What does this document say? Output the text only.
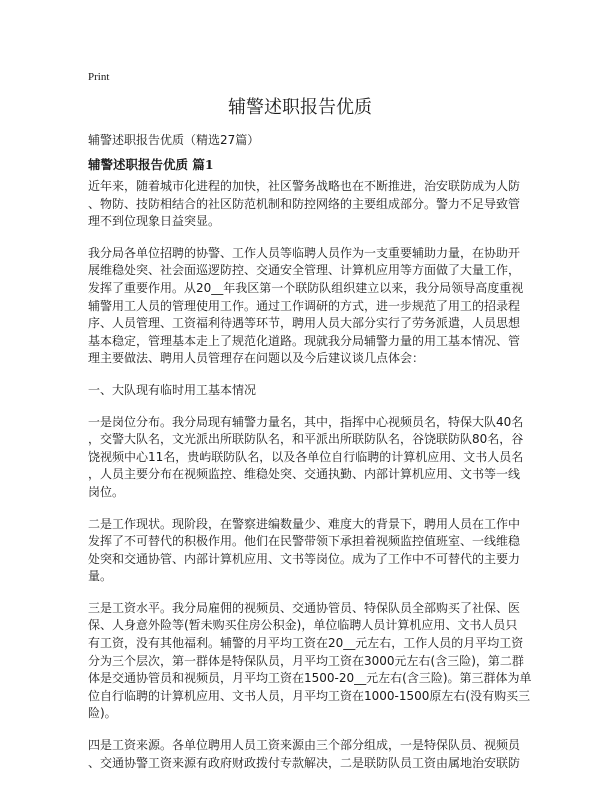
Print
辅警述职报告优质
辅警述职报告优质（精选27篇）
辅警述职报告优质 篇1

近年来，随着城市化进程的加快，社区警务战略也在不断推进，治安联防成为人防
、物防、技防相结合的社区防范机制和防控网络的主要组成部分。警力不足导致管
理不到位现象日益突显。

我分局各单位招聘的协警、工作人员等临聘人员作为一支重要辅助力量，在协助开
展维稳处突、社会面巡逻防控、交通安全管理、计算机应用等方面做了大量工作，
发挥了重要作用。从20__年我区第一个联防队组织建立以来，我分局领导高度重视
辅警用工人员的管理使用工作。通过工作调研的方式，进一步规范了用工的招录程
序、人员管理、工资福利待遇等环节，聘用人员大部分实行了劳务派遣，人员思想
基本稳定，管理基本走上了规范化道路。现就我分局辅警力量的用工基本情况、管
理主要做法、聘用人员管理存在问题以及今后建议谈几点体会：

一、大队现有临时用工基本情况

一是岗位分布。我分局现有辅警力量名，其中，指挥中心视频员名，特保大队40名
，交警大队名，文光派出所联防队名，和平派出所联防队名，谷饶联防队80名，谷
饶视频中心11名，贵屿联防队名，以及各单位自行临聘的计算机应用、文书人员名
，人员主要分布在视频监控、维稳处突、交通执勤、内部计算机应用、文书等一线
岗位。

二是工作现状。现阶段，在警察进编数量少、难度大的背景下，聘用人员在工作中
发挥了不可替代的积极作用。他们在民警带领下承担着视频监控值班室、一线维稳
处突和交通协管、内部计算机应用、文书等岗位。成为了工作中不可替代的主要力
量。

三是工资水平。我分局雇佣的视频员、交通协管员、特保队员全部购买了社保、医
保、人身意外险等(暂未购买住房公积金)，单位临聘人员计算机应用、文书人员只
有工资，没有其他福利。辅警的月平均工资在20__元左右，工作人员的月平均工资
分为三个层次，第一群体是特保队员，月平均工资在3000元左右(含三险)，第二群
体是交通协管员和视频员，月平均工资在1500-20__元左右(含三险)。第三群体为单
位自行临聘的计算机应用、文书人员，月平均工资在1000-1500原左右(没有购买三
险)。

四是工资来源。各单位聘用人员工资来源由三个部分组成，一是特保队员、视频员
、交通协警工资来源有政府财政拨付专款解决，二是联防队员工资由属地治安联防
